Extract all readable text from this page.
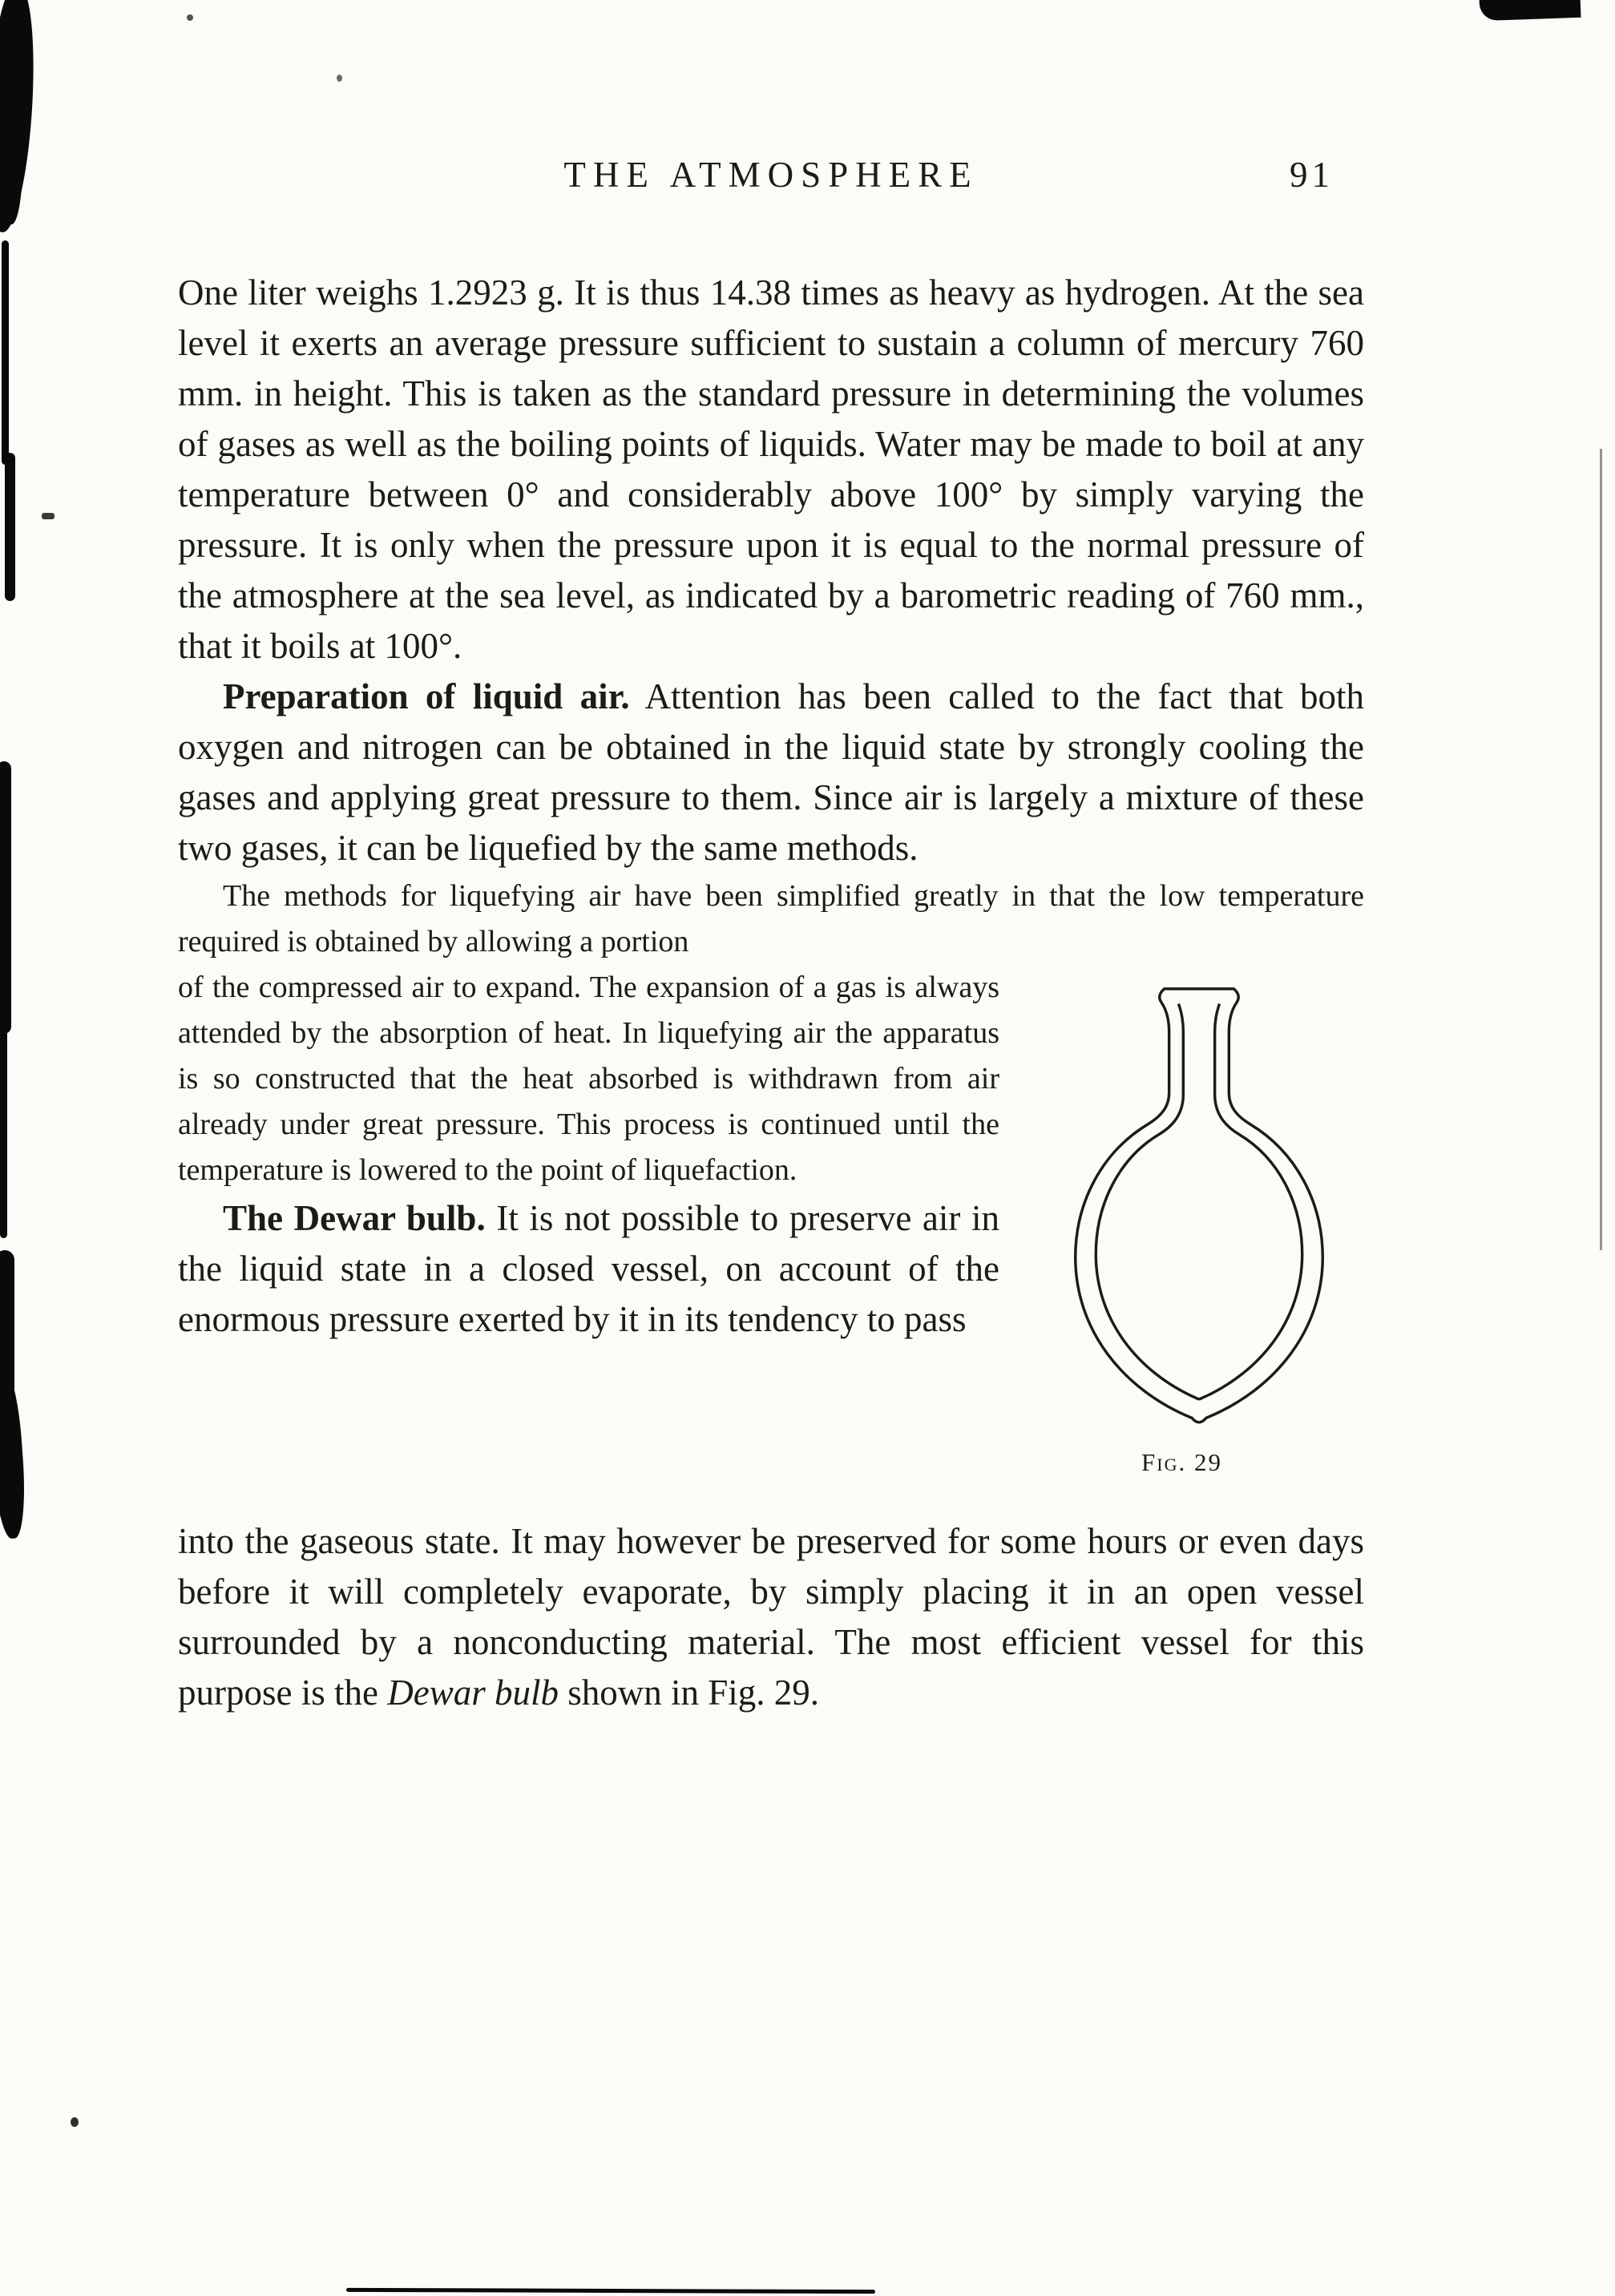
THE ATMOSPHERE	91

One liter weighs 1.2923 g. It is thus 14.38 times as heavy as hydrogen. At the sea level it exerts an average pressure sufficient to sustain a column of mercury 760 mm. in height. This is taken as the standard pressure in determining the volumes of gases as well as the boiling points of liquids. Water may be made to boil at any temperature between 0° and considerably above 100° by simply varying the pressure. It is only when the pressure upon it is equal to the normal pressure of the atmosphere at the sea level, as indicated by a barometric reading of 760 mm., that it boils at 100°.

Preparation of liquid air. Attention has been called to the fact that both oxygen and nitrogen can be obtained in the liquid state by strongly cooling the gases and applying great pressure to them. Since air is largely a mixture of these two gases, it can be liquefied by the same methods.

The methods for liquefying air have been simplified greatly in that the low temperature required is obtained by allowing a portion

Fig. 29

of the compressed air to expand. The expansion of a gas is always attended by the absorption of heat. In liquefying air the apparatus is so constructed that the heat absorbed is withdrawn from air already under great pressure. This process is continued until the temperature is lowered to the point of liquefaction.

The Dewar bulb. It is not possible to preserve air in the liquid state in a closed vessel, on account of the enormous pressure exerted by it in its tendency to pass

into the gaseous state. It may however be preserved for some hours or even days before it will completely evaporate, by simply placing it in an open vessel surrounded by a nonconducting material. The most efficient vessel for this purpose is the Dewar bulb shown in Fig. 29.
